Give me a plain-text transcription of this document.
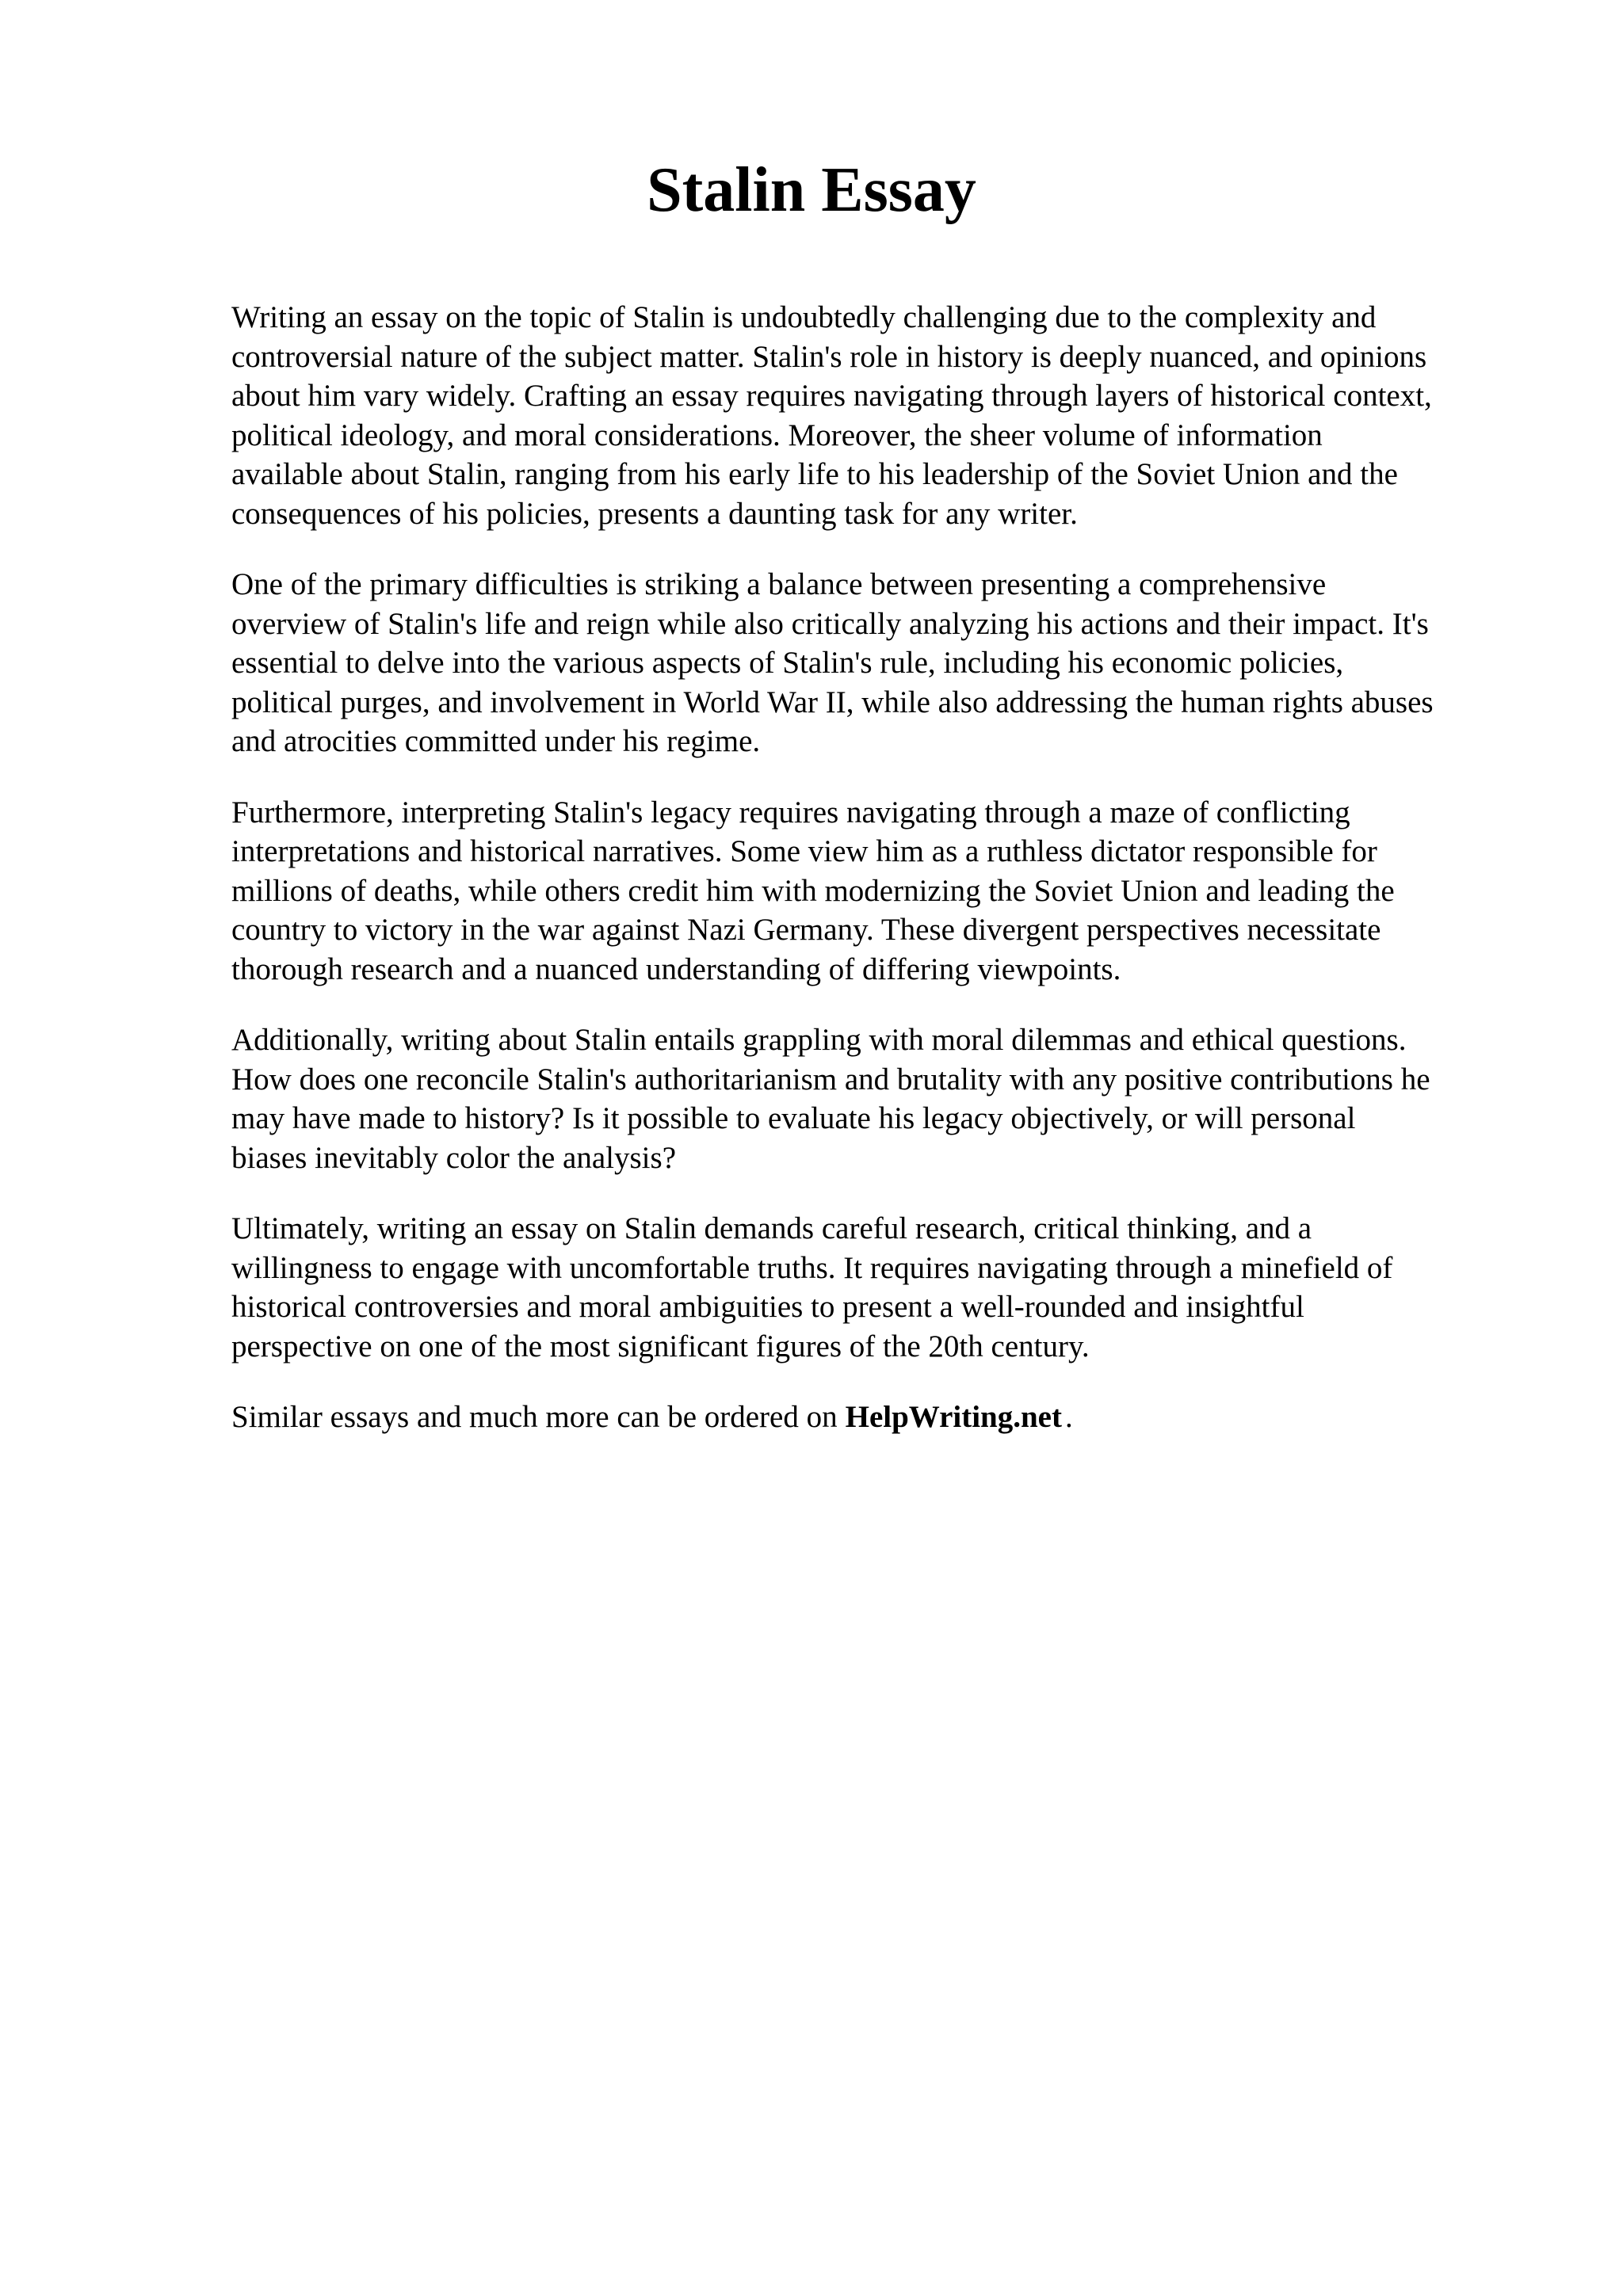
Stalin Essay

Writing an essay on the topic of Stalin is undoubtedly challenging due to the complexity and
controversial nature of the subject matter. Stalin's role in history is deeply nuanced, and opinions
about him vary widely. Crafting an essay requires navigating through layers of historical context,
political ideology, and moral considerations. Moreover, the sheer volume of information
available about Stalin, ranging from his early life to his leadership of the Soviet Union and the
consequences of his policies, presents a daunting task for any writer.

One of the primary difficulties is striking a balance between presenting a comprehensive
overview of Stalin's life and reign while also critically analyzing his actions and their impact. It's
essential to delve into the various aspects of Stalin's rule, including his economic policies,
political purges, and involvement in World War II, while also addressing the human rights abuses
and atrocities committed under his regime.

Furthermore, interpreting Stalin's legacy requires navigating through a maze of conflicting
interpretations and historical narratives. Some view him as a ruthless dictator responsible for
millions of deaths, while others credit him with modernizing the Soviet Union and leading the
country to victory in the war against Nazi Germany. These divergent perspectives necessitate
thorough research and a nuanced understanding of differing viewpoints.

Additionally, writing about Stalin entails grappling with moral dilemmas and ethical questions.
How does one reconcile Stalin's authoritarianism and brutality with any positive contributions he
may have made to history? Is it possible to evaluate his legacy objectively, or will personal
biases inevitably color the analysis?

Ultimately, writing an essay on Stalin demands careful research, critical thinking, and a
willingness to engage with uncomfortable truths. It requires navigating through a minefield of
historical controversies and moral ambiguities to present a well-rounded and insightful
perspective on one of the most significant figures of the 20th century.

Similar essays and much more can be ordered on HelpWriting.net .
